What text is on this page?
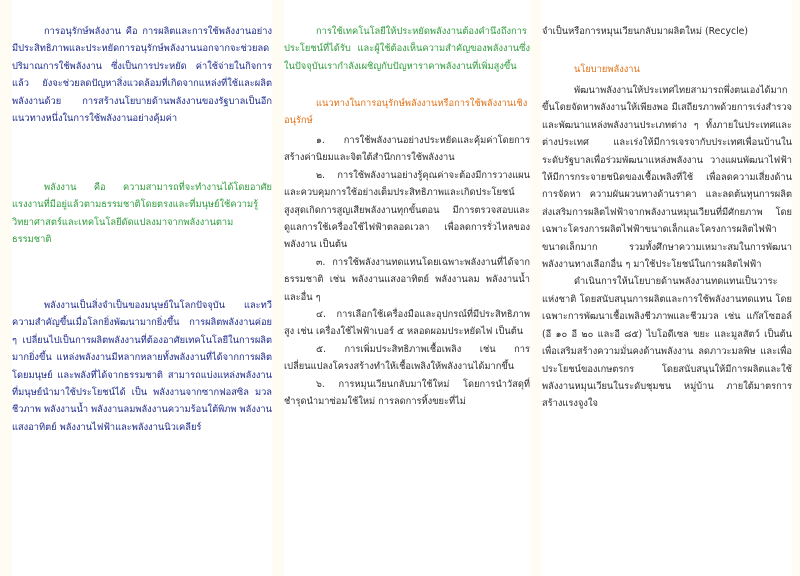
การอนุรักษ์พลังงาน คือ การผลิตและการใช้พลังงานอย่างมีประสิทธิภาพและประหยัดการอนุรักษ์พลังงานนอกจากจะช่วยลดปริมาณการใช้พลังงาน ซึ่งเป็นการประหยัด ค่าใช้จ่ายในกิจการแล้ว ยังจะช่วยลดปัญหาสิ่งแวดล้อมที่เกิดจากแหล่งที่ใช้และผลิตพลังงานด้วย การสร้างนโยบายด้านพลังงานของรัฐบาลเป็นอีกแนวทางหนึ่งในการใช้พลังงานอย่างคุ้มค่า

พลังงาน คือ ความสามารถที่จะทำงานได้โดยอาศัยแรงงานที่มีอยู่แล้วตามธรรมชาติโดยตรงและที่มนุษย์ใช้ความรู้วิทยาศาสตร์และเทคโนโลยีดัดแปลงมาจากพลังงานตามธรรมชาติ

พลังงานเป็นสิ่งจำเป็นของมนุษย์ในโลกปัจจุบัน และทวีความสำคัญขึ้นเมื่อโลกยิ่งพัฒนามากยิ่งขึ้น การผลิตพลังงานค่อย ๆ เปลี่ยนไปเป็นการผลิตพลังงานที่ต้องอาศัยเทคโนโลยีในการผลิตมากยิ่งขึ้น แหล่งพลังงานมีหลากหลายทั้งพลังงานที่ได้จากการผลิตโดยมนุษย์ และพลังที่ได้จากธรรมชาติ สามารถแบ่งแหล่งพลังงานที่มนุษย์นำมาใช้ประโยชน์ได้ เป็น พลังงานจากซากฟอสซิล มวลชีวภาพ พลังงานน้ำ พลังงานลมพลังงานความร้อนใต้พิภพ พลังงานแสงอาทิตย์ พลังงานไฟฟ้าและพลังงานนิวเคลียร์

การใช้เทคโนโลยีให้ประหยัดพลังงานต้องคำนึงถึงการประโยชน์ที่ได้รับ และผู้ใช้ต้องเห็นความสำคัญของพลังงานซึ่งในปัจจุบันเรากำลังเผชิญกับปัญหาราคาพลังงานที่เพิ่มสูงขึ้น

แนวทางในการอนุรักษ์พลังงานหรือการใช้พลังงานเชิงอนุรักษ์

๑. การใช้พลังงานอย่างประหยัดและคุ้มค่าโดยการสร้างค่านิยมและจิตใต้สำนึกการใช้พลังงาน

๒. การใช้พลังงานอย่างรู้คุณค่าจะต้องมีการวางแผนและควบคุมการใช้อย่างเต็มประสิทธิภาพและเกิดประโยชน์สูงสุดเกิดการสูญเสียพลังงานทุกขั้นตอน มีการตรวจสอบและดูแลการใช้เครื่องใช้ไฟฟ้าตลอดเวลา เพื่อลดการรั่วไหลของพลังงาน เป็นต้น

๓. การใช้พลังงานทดแทนโดยเฉพาะพลังงานที่ได้จากธรรมชาติ เช่น พลังงานแสงอาทิตย์ พลังงานลม พลังงานน้ำ และอื่น ๆ

๔. การเลือกใช้เครื่องมือและอุปกรณ์ที่มีประสิทธิภาพสูง เช่น เครื่องใช้ไฟฟ้าเบอร์ ๕ หลอดผอมประหยัดไฟ เป็นต้น

๕. การเพิ่มประสิทธิภาพเชื้อเพลิง เช่น การเปลี่ยนแปลงโครงสร้างทำให้เชื้อเพลิงให้พลังงานได้มากขึ้น

๖. การหมุนเวียนกลับมาใช้ใหม่ โดยการนำวัสดุที่ชำรุดนำมาซ่อมใช้ใหม่ การลดการทิ้งขยะที่ไม่

จำเป็นหรือการหมุนเวียนกลับมาผลิตใหม่ (Recycle)

นโยบายพลังงาน

พัฒนาพลังงานให้ประเทศไทยสามารถพึ่งตนเองได้มากขึ้นโดยจัดหาพลังงานให้เพียงพอ มีเสถียรภาพด้วยการเร่งสำรวจและพัฒนาแหล่งพลังงานประเภทต่าง ๆ ทั้งภายในประเทศและต่างประเทศ และเร่งให้มีการเจรจากับประเทศเพื่อนบ้านในระดับรัฐบาลเพื่อร่วมพัฒนาแหล่งพลังงาน วางแผนพัฒนาไฟฟ้าให้มีการกระจายชนิดของเชื้อเพลิงที่ใช้ เพื่อลดความเสี่ยงด้านการจัดหา ความผันผวนทางด้านราคา และลดต้นทุนการผลิต ส่งเสริมการผลิตไฟฟ้าจากพลังงานหมุนเวียนที่มีศักยภาพ โดยเฉพาะโครงการผลิตไฟฟ้าขนาดเล็กและโครงการผลิตไฟฟ้าขนาดเล็กมาก รวมทั้งศึกษาความเหมาะสมในการพัฒนาพลังงานทางเลือกอื่น ๆ มาใช้ประโยชน์ในการผลิตไฟฟ้า

ดำเนินการให้นโยบายด้านพลังงานทดแทนเป็นวาระแห่งชาติ โดยสนับสนุนการผลิตและการใช้พลังงานทดแทน โดยเฉพาะการพัฒนาเชื้อเพลิงชีวภาพและชีวมวล เช่น แก๊สโซฮอล์ (อี ๑๐ อี ๒๐ และอี ๘๕) ไบโอดีเซล ขยะ และมูลสัตว์ เป็นต้นเพื่อเสริมสร้างความมั่นคงด้านพลังงาน ลดภาวะมลพิษ และเพื่อประโยชน์ของเกษตรกร โดยสนับสนุนให้มีการผลิตและใช้พลังงานหมุนเวียนในระดับชุมชน หมู่บ้าน ภายใต้มาตรการสร้างแรงจูงใจ
